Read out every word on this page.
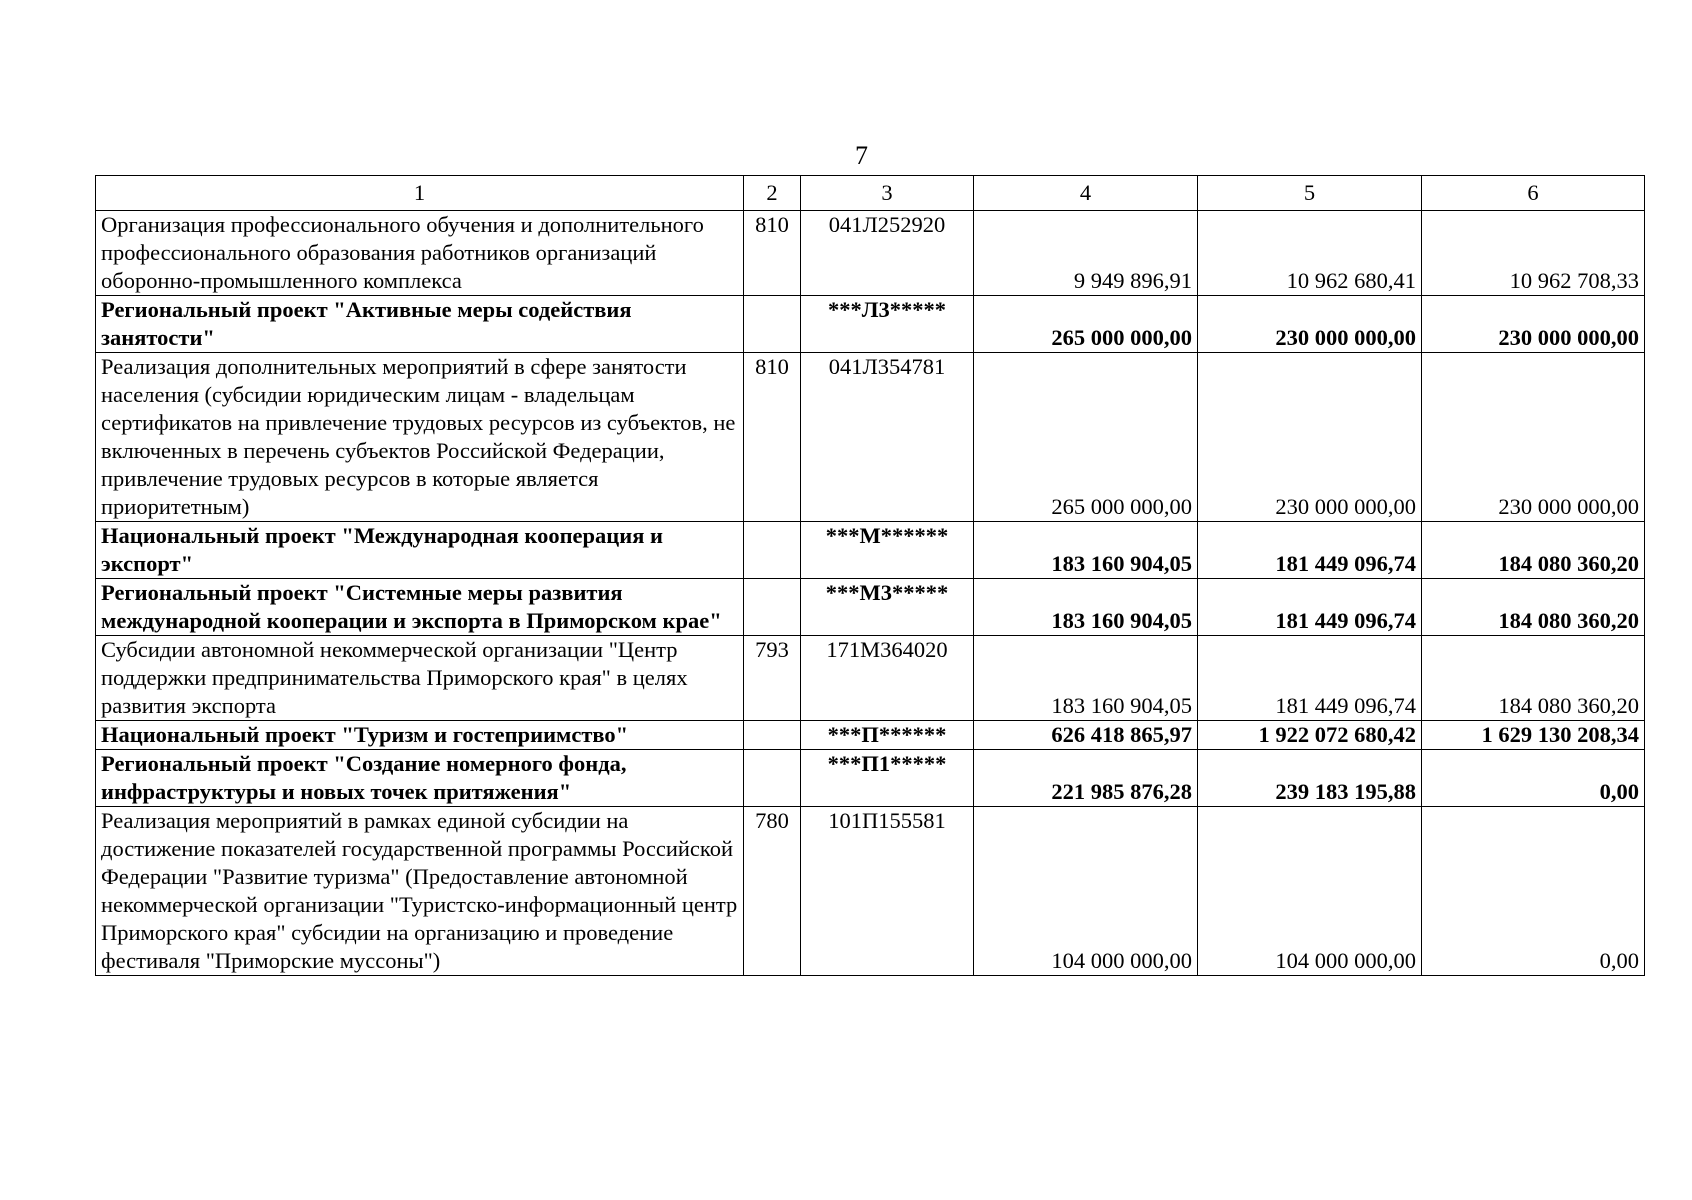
7
1	2	3	4	5	6
Организация профессионального обучения и дополнительного профессионального образования работников организаций оборонно-промышленного комплекса	810	041Л252920	9 949 896,91	10 962 680,41	10 962 708,33
Региональный проект "Активные меры содействия занятости"		***Л3*****	265 000 000,00	230 000 000,00	230 000 000,00
Реализация дополнительных мероприятий в сфере занятости населения (субсидии юридическим лицам - владельцам сертификатов на привлечение трудовых ресурсов из субъектов, не включенных в перечень субъектов Российской Федерации, привлечение трудовых ресурсов в которые является приоритетным)	810	041Л354781	265 000 000,00	230 000 000,00	230 000 000,00
Национальный проект "Международная кооперация и экспорт"		***М******	183 160 904,05	181 449 096,74	184 080 360,20
Региональный проект "Системные меры развития международной кооперации и экспорта в Приморском крае"		***М3*****	183 160 904,05	181 449 096,74	184 080 360,20
Субсидии автономной некоммерческой организации "Центр поддержки предпринимательства Приморского края" в целях развития экспорта	793	171М364020	183 160 904,05	181 449 096,74	184 080 360,20
Национальный проект "Туризм и гостеприимство"		***П******	626 418 865,97	1 922 072 680,42	1 629 130 208,34
Региональный проект "Создание номерного фонда, инфраструктуры и новых точек притяжения"		***П1*****	221 985 876,28	239 183 195,88	0,00
Реализация мероприятий в рамках единой субсидии на достижение показателей государственной программы Российской Федерации "Развитие туризма" (Предоставление автономной некоммерческой организации "Туристско-информационный центр Приморского края" субсидии на организацию и проведение фестиваля "Приморские муссоны")	780	101П155581	104 000 000,00	104 000 000,00	0,00
